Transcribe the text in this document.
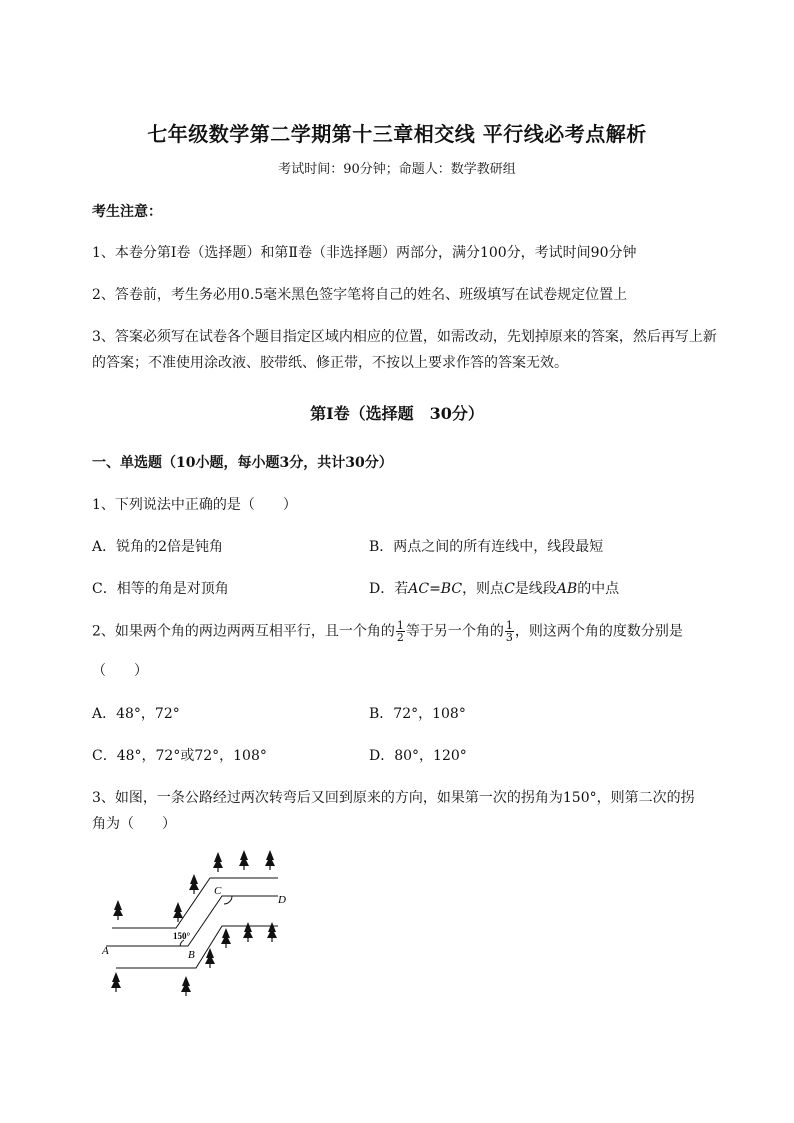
七年级数学第二学期第十三章相交线 平行线必考点解析
考试时间：90分钟；命题人：数学教研组
考生注意：
1、本卷分第I卷（选择题）和第Ⅱ卷（非选择题）两部分，满分100分，考试时间90分钟
2、答卷前，考生务必用0.5毫米黑色签字笔将自己的姓名、班级填写在试卷规定位置上
3、答案必须写在试卷各个题目指定区域内相应的位置，如需改动，先划掉原来的答案，然后再写上新
的答案；不准使用涂改液、胶带纸、修正带，不按以上要求作答的答案无效。
第I卷（选择题　30分）
一、单选题（10小题，每小题3分，共计30分）
1、下列说法中正确的是（　　）
A．锐角的2倍是钝角	B．两点之间的所有连线中，线段最短
C．相等的角是对顶角	D．若AC=BC，则点C是线段AB的中点
2、如果两个角的两边两两互相平行，且一个角的 $\frac{1}{2}$ 等于另一个角的 $\frac{1}{3}$ ，则这两个角的度数分别是
（　　）
A．48°，72°	B．72°，108°
C．48°，72°或72°，108°	D．80°，120°
3、如图，一条公路经过两次转弯后又回到原来的方向，如果第一次的拐角为150°，则第二次的拐
角为（　　）
A	B
C
D
150°
